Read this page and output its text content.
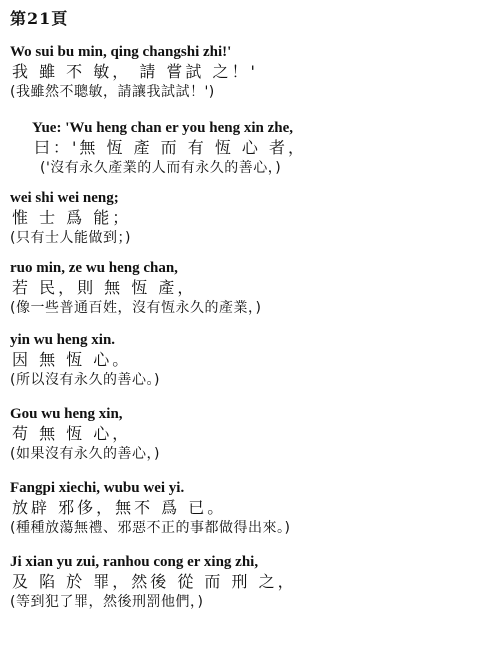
第21頁
Wo sui bu min, qing changshi zhi!'
我 雖 不 敏， 請 嘗試 之！'
(我雖然不聰敏，請讓我試試！')
Yue: 'Wu heng chan er you heng xin zhe,
曰：'無 恆 產 而 有 恆 心 者，
('沒有永久產業的人而有永久的善心，)
wei shi wei neng;
惟 士 爲 能；
(只有士人能做到；)
ruo min, ze wu heng chan,
若 民，則 無 恆 產，
(像一些普通百姓，沒有恆永久的產業，)
yin wu heng xin.
因 無 恆 心。
(所以沒有永久的善心。)
Gou wu heng xin,
苟 無 恆 心，
(如果沒有永久的善心，)
Fangpi xiechi, wubu wei yi.
放辟 邪侈，無不 爲 已。
(種種放蕩無禮、邪惡不正的事都做得出來。)
Ji xian yu zui, ranhou cong er xing zhi,
及 陷 於 罪，然後 從 而 刑 之，
(等到犯了罪，然後刑罰他們，)
